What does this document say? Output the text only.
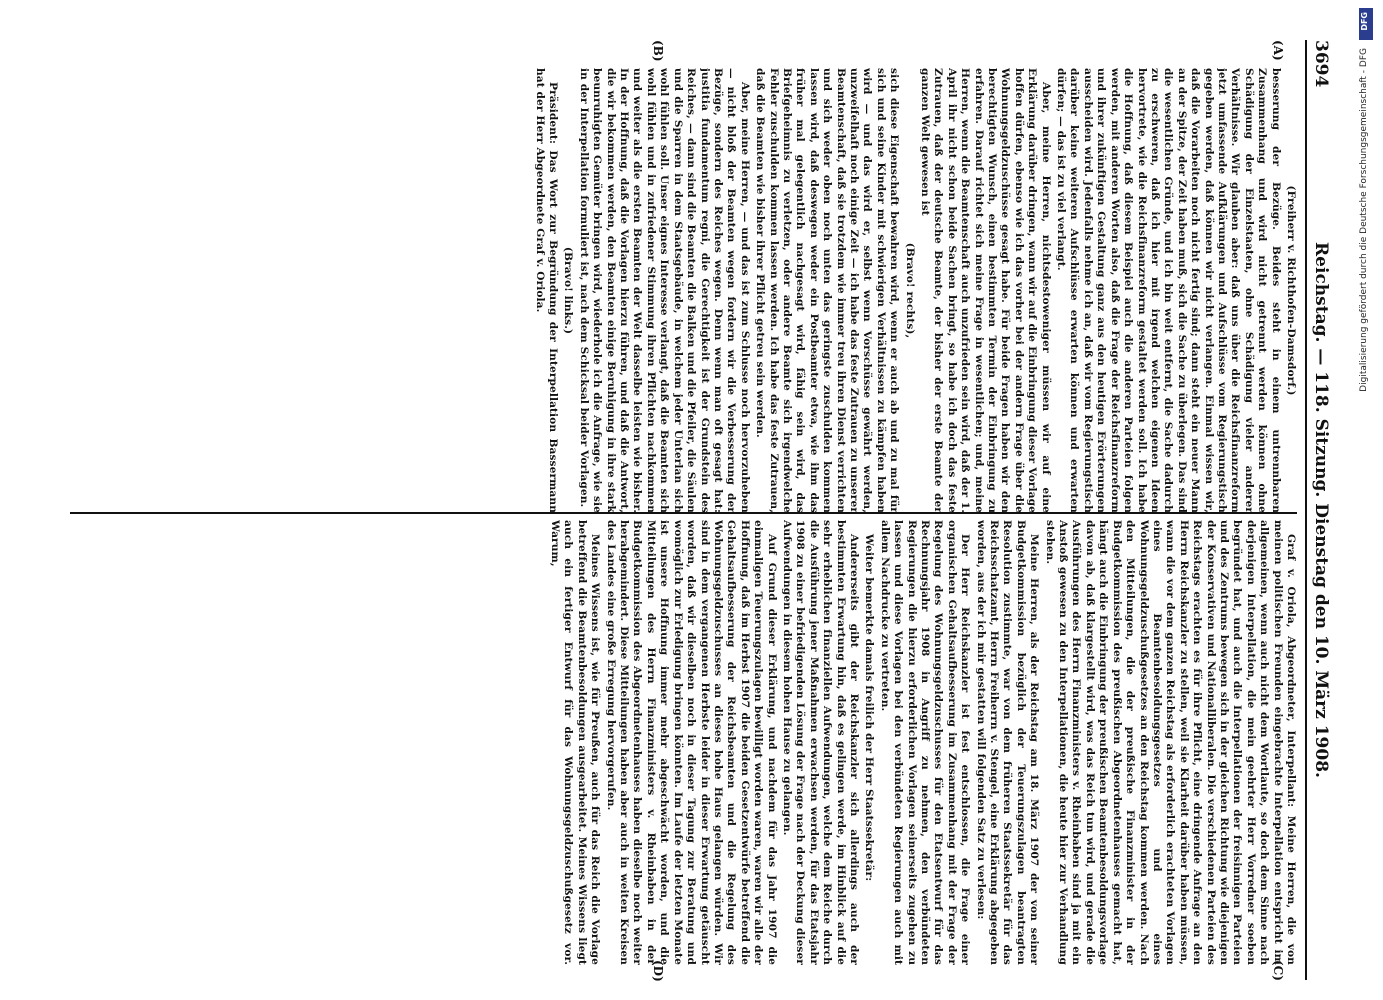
3694
Reichstag. — 118. Sitzung. Dienstag den 10. März 1908.
(A)
(B)
(C)
(D)

(Freiherr v. Richthofen-Damsdorf.)

besserung der Bezüge. Beides steht in einem untrennbaren Zusammenhang und wird nicht getrennt werden können ohne Schädigung der Einzelstaaten, ohne Schädigung vieler anderer Verhältnisse. Wir glauben aber: daß uns über die Reichsfinanzreform jetzt umfassende Aufklärungen und Aufschlüsse vom Regierungstisch gegeben werden, daß können wir nicht verlangen. Einmal wissen wir, daß die Vorarbeiten noch nicht fertig sind; dann steht ein neuer Mann an der Spitze, der Zeit haben muß, sich die Sache zu überlegen. Das sind die wesentlichen Gründe, und ich bin weit entfernt, die Sache dadurch zu erschweren, daß ich hier mit irgend welchen eigenen Ideen hervortrete, wie die Reichsfinanzreform gestaltet werden soll. Ich habe die Hoffnung, daß diesem Beispiel auch die anderen Parteien folgen werden, mit anderen Worten also, daß die Frage der Reichsfinanzreform und ihrer zukünftigen Gestaltung ganz aus den heutigen Erörterungen ausscheiden wird. Jedenfalls nehme ich an, daß wir vom Regierungstisch darüber keine weiteren Aufschlüsse erwarten können und erwarten dürfen; — das ist zu viel verlangt.

Aber, meine Herren, nichtsdestoweniger müssen wir auf eine Erklärung darüber dringen, wann wir auf die Einbringung dieser Vorlage hoffen dürfen, ebenso wie ich das vorher bei der andern Frage über die Wohnungsgeldzuschüsse gesagt habe. Für beide Fragen haben wir den berechtigten Wunsch, einen bestimmten Termin der Einbringung zu erfahren. Darauf richtet sich meine Frage in wesentlichen; und, meine Herren, wenn die Beamtenschaft auch unzufrieden sein wird, daß der 1. April ihr nicht schon beide Sachen bringt, so habe ich doch das feste Zutrauen, daß der deutsche Beamte, der bisher der erste Beamte der ganzen Welt gewesen ist

(Bravo! rechts),

sich diese Eigenschaft bewahren wird, wenn er auch ab und zu mal für sich und seine Kinder mit schwierigen Verhältnissen zu kämpfen haben wird — und das wird er, selbst wenn Vorschüsse gewährt werden, unzweifelhaft noch einige Zeit — ich habe das feste Zutrauen zu unserer Beamtenschaft, daß sie trotzdem wie immer treu ihren Dienst verrichten und sich weder oben noch unten das geringste zuschulden kommen lassen wird, daß deswegen weder ein Postbeamter etwa, wie ihm das früher mal gelegentlich nachgesagt wird, fähig sein wird, das Briefgeheimnis zu verletzen, oder andere Beamte sich irgendwelche Fehler zuschulden kommen lassen werden. Ich habe das feste Zutrauen, daß die Beamten wie bisher ihrer Pflicht getreu sein werden.

Aber, meine Herren, — und das ist zum Schlusse noch hervorzuheben — nicht bloß der Beamten wegen fordern wir die Verbesserung der Bezüge, sondern des Reiches wegen. Denn wenn man oft gesagt hat: justitia fundamentum regni, die Gerechtigkeit ist der Grundstein des Reiches, — dann sind die Beamten die Balken und die Pfeiler, die Säulen und die Sparren in dem Staatsgebäude, in welchem jeder Unterlan sich wohl fühlen soll. Unser eignes Interesse verlangt, daß die Beamten sich wohl fühlen und in zufriedener Stimmung ihren Pflichten nachkommen und weiter als die ersten Beamten der Welt dasselbe leisten wie bisher. In der Hoffnung, daß die Vorlagen hierzu führen, und daß die Antwort, die wir bekommen werden, den Beamten einige Beruhigung in ihre stark beunruhigten Gemüter bringen wird, wiederhole ich die Anfrage, wie sie in der Interpellation formuliert ist, nach dem Schicksal beider Vorlagen.

(Bravo! links.)

Präsident: Das Wort zur Begründung der Interpellation Bassermann hat der Herr Abgeordnete Graf v. Oriola.

Graf v. Oriola, Abgeordneter, Interpellant: Meine Herren, die von meinen politischen Freunden eingebrachte Interpellation entspricht im allgemeinen, wenn auch nicht dem Wortlaute, so doch dem Sinne nach derjenigen Interpellation, die mein geehrter Herr Vorredner soeben begründet hat, und auch die Interpellationen der freisinnigen Parteien und des Zentrums bewegen sich in der gleichen Richtung wie diejenigen der Konservativen und Nationalliberalen. Die verschiedenen Parteien des Reichstags erachten es für ihre Pflicht, eine dringende Anfrage an den Herrn Reichskanzler zu stellen, weil sie Klarheit darüber haben müssen, wann die vor dem ganzen Reichstag als erforderlich erachteten Vorlagen eines Beamtenbesoldungsgesetzes und eines Wohnungsgeldzuschußgesetzes an den Reichstag kommen werden. Nach den Mitteilungen, die der preußische Finanzminister in der Budgetkommission des preußischen Abgeordnetenhauses gemacht hat, hängt auch die Einbringung der preußischen Beamtenbesoldungsvorlage davon ab, daß klargestellt wird, was das Reich tun wird, und gerade die Ausführungen des Herrn Finanzministers v. Rheinbaben sind ja mit ein Anstoß gewesen zu den Interpellationen, die heute hier zur Verhandlung stehen.

Meine Herren, als der Reichstag am 18. März 1907 der von seiner Budgetkommission bezüglich der Teuerungszulagen beantragten Resolution zustimmte, war von dem früheren Staatssekretär für das Reichsschatzamt, Herrn Freiherrn v. Stengel, eine Erklärung abgegeben worden, aus der ich mir gestatten will folgenden Satz zu verlesen:

Der Herr Reichskanzler ist fest entschlossen, die Frage einer organischen Gehaltsaufbesserung im Zusammenhang mit der Frage der Regelung des Wohnungsgeldzuschusses für den Etatsentwurf für das Rechnungsjahr 1908 in Angriff zu nehmen, den verbündeten Regierungen die hierzu erforderlichen Vorlagen seinerseits zugehen zu lassen und diese Vorlagen bei den verbündeten Regierungen auch mit allem Nachdrucke zu vertreten.

Weiter bemerkte damals freilich der Herr Staatssekretär:

Andererseits gibt der Reichskanzler sich allerdings auch der bestimmten Erwartung hin, daß es gelingen werde, im Hinblick auf die sehr erheblichen finanziellen Aufwendungen, welche dem Reiche durch die Ausführung jener Maßnahmen erwachsen werden, für das Etatsjahr 1908 zu einer befriedigenden Lösung der Frage nach der Deckung dieser Aufwendungen in diesem hohen Hause zu gelangen.

Auf Grund dieser Erklärung, und nachdem für das Jahr 1907 die einmaligen Teuerungszulagen bewilligt worden waren, waren wir alle der Hoffnung, daß im Herbst 1907 die beiden Gesetzentwürfe betreffend die Gehaltsaufbesserung der Reichsbeamten und die Regelung des Wohnungsgeldzuschusses an dieses hohe Haus gelangen würden. Wir sind in dem vergangenen Herbste leider in dieser Erwartung getäuscht worden, daß wir dieselben noch in dieser Tagung zur Beratung und womöglich zur Erledigung bringen könnten. Im Laufe der letzten Monate ist unsere Hoffnung immer mehr abgeschwächt worden, und die Mitteilungen des Herrn Finanzministers v. Rheinbaben in der Budgetkommission des Abgeordnetenhauses haben dieselbe noch weiter herabgemindert. Diese Mitteilungen haben aber auch in weiten Kreisen des Landes eine große Erregung hervorgerufen.

Meines Wissens ist, wie für Preußen, auch für das Reich die Vorlage betreffend die Beamtenbesoldungen ausgearbeitet. Meines Wissens liegt auch ein fertiger Entwurf für das Wohnungsgeldzuschußgesetz vor. Warum,

DFG
Digitalisierung gefördert durch die Deutsche Forschungsgemeinschaft - DFG
